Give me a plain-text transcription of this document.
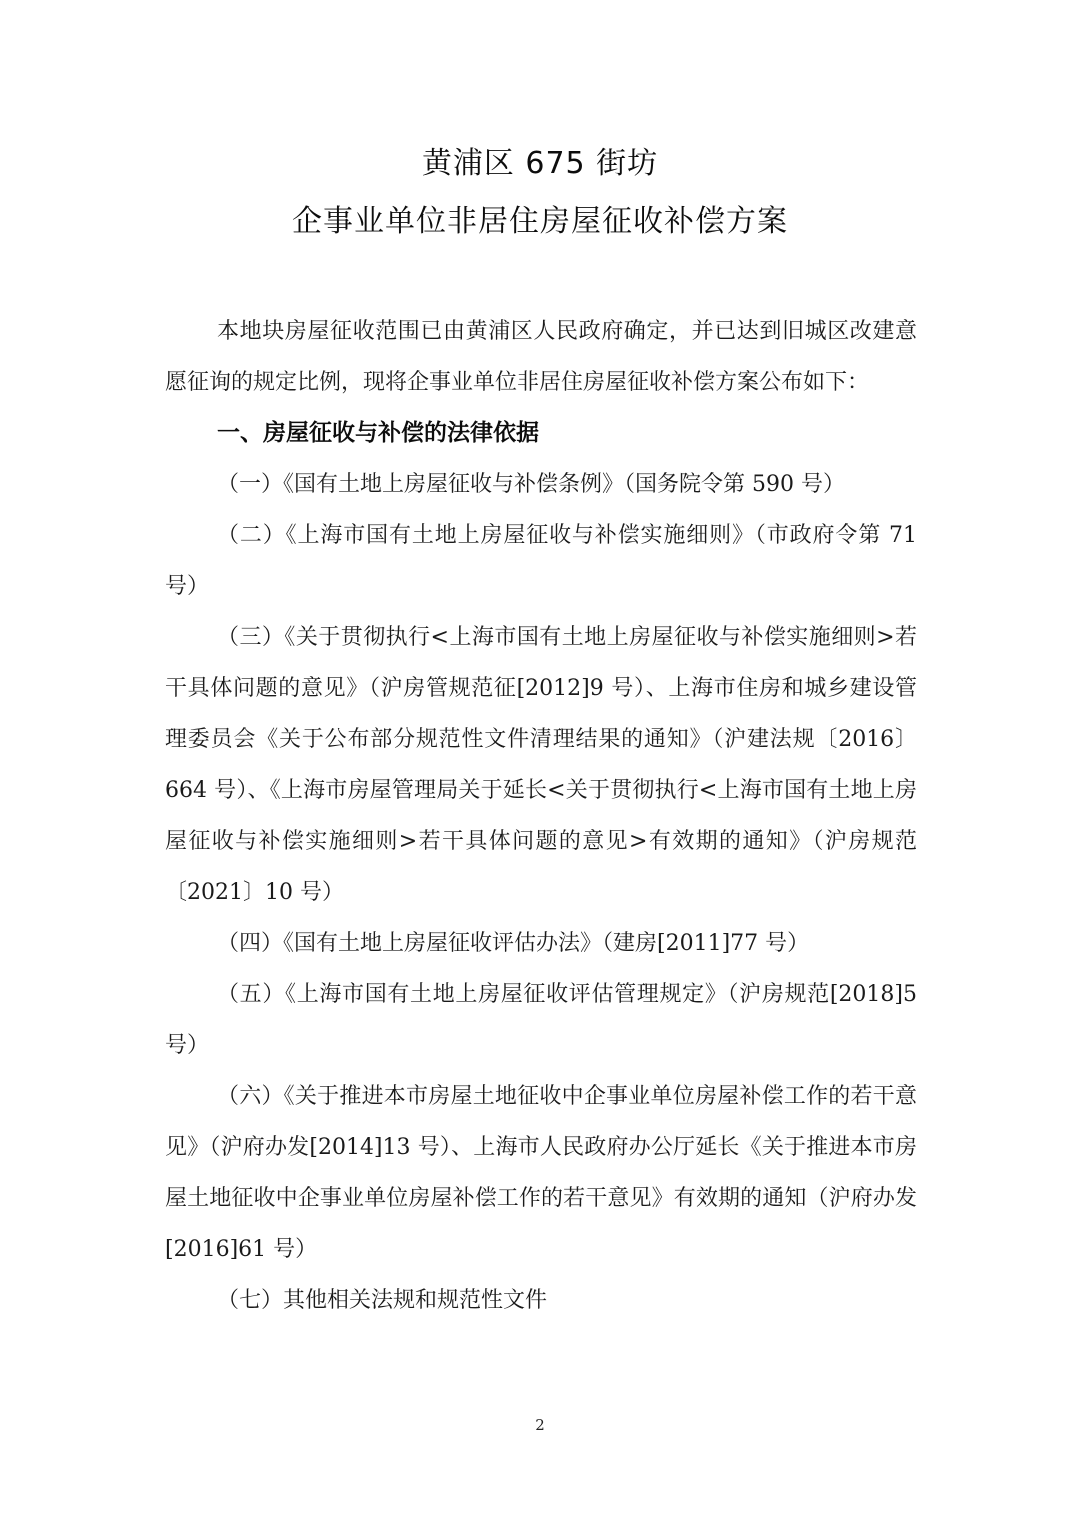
黄浦区 675 街坊
企事业单位非居住房屋征收补偿方案

本地块房屋征收范围已由黄浦区人民政府确定，并已达到旧城区改建意愿征询的规定比例，现将企事业单位非居住房屋征收补偿方案公布如下：

一、房屋征收与补偿的法律依据

（一）《国有土地上房屋征收与补偿条例》（国务院令第 590 号）

（二）《上海市国有土地上房屋征收与补偿实施细则》（市政府令第 71 号）

（三）《关于贯彻执行<上海市国有土地上房屋征收与补偿实施细则>若干具体问题的意见》（沪房管规范征[2012]9 号）、上海市住房和城乡建设管理委员会《关于公布部分规范性文件清理结果的通知》（沪建法规〔2016〕664 号）、《上海市房屋管理局关于延长<关于贯彻执行<上海市国有土地上房屋征收与补偿实施细则>若干具体问题的意见>有效期的通知》（沪房规范〔2021〕10 号）

（四）《国有土地上房屋征收评估办法》（建房[2011]77 号）

（五）《上海市国有土地上房屋征收评估管理规定》（沪房规范[2018]5 号）

（六）《关于推进本市房屋土地征收中企事业单位房屋补偿工作的若干意见》（沪府办发[2014]13 号）、上海市人民政府办公厅延长《关于推进本市房屋土地征收中企事业单位房屋补偿工作的若干意见》有效期的通知（沪府办发[2016]61 号）

（七）其他相关法规和规范性文件

2
